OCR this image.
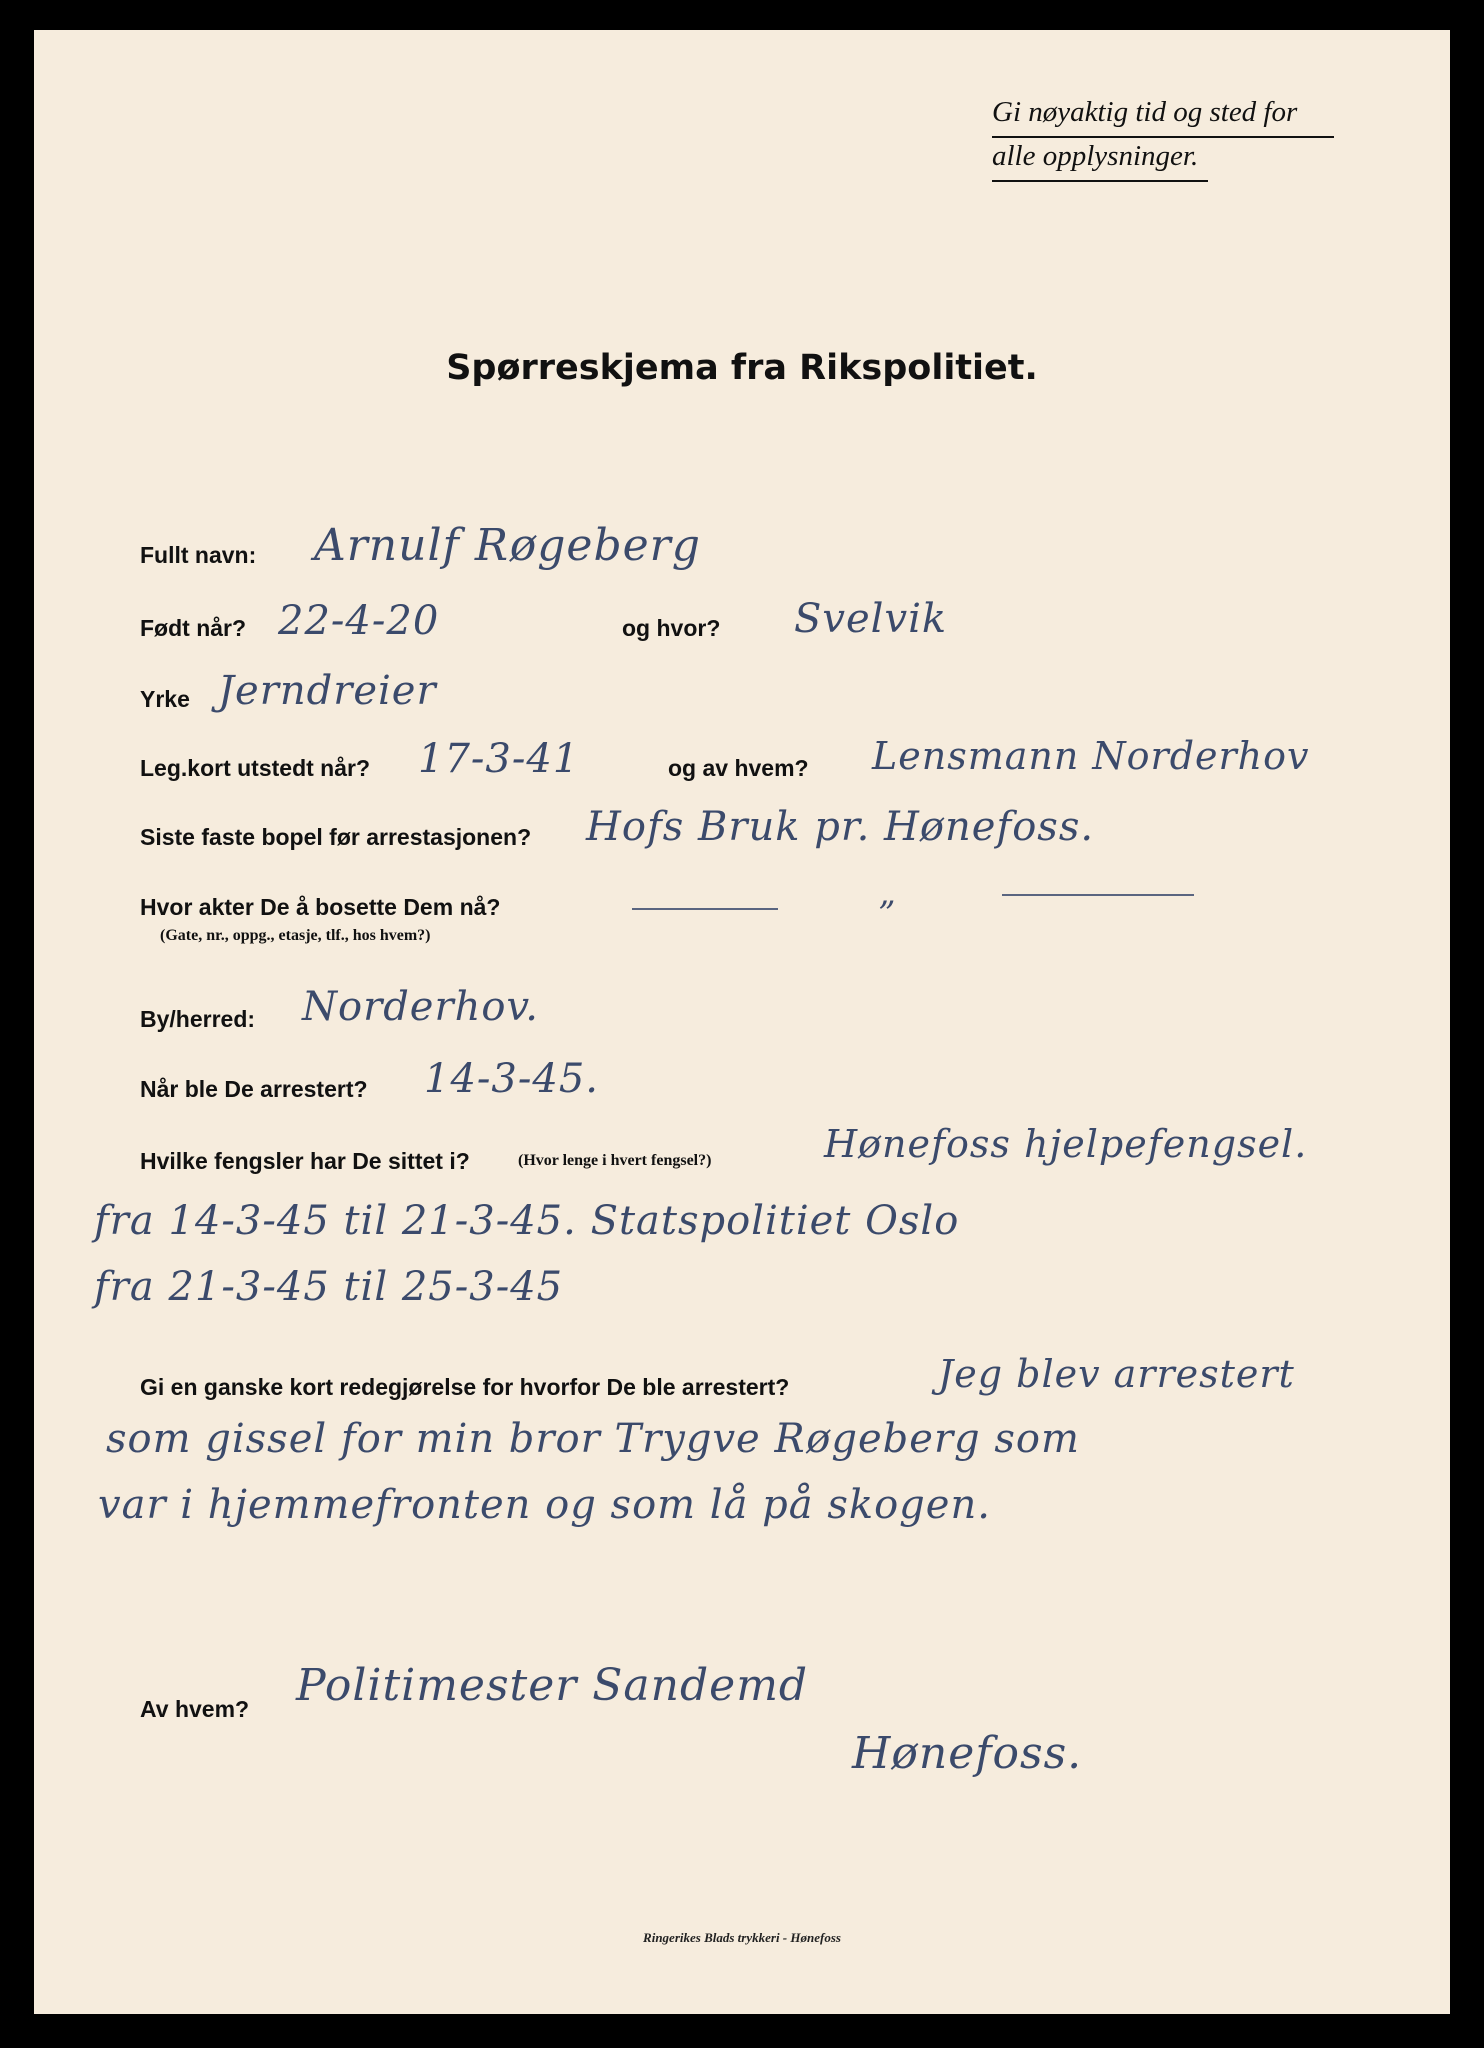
Gi nøyaktig tid og sted for
alle opplysninger.
Spørreskjema fra Rikspolitiet.
Fullt navn: Arnulf Røgeberg
Født når? 22-4-20	og hvor? Svelvik
Yrke Jerndreier
Leg.kort utstedt når? 17-3-41	og av hvem? Lensmann Norderhov
Siste faste bopel før arrestasjonen? Hofs Bruk pr. Hønefoss.
Hvor akter De å bosette Dem nå?
(Gate, nr., oppg., etasje, tlf., hos hvem?)
”
By/herred: Norderhov.
Når ble De arrestert? 14-3-45.
Hvilke fengsler har De sittet i?	(Hvor lenge i hvert fengsel?)	Hønefoss hjelpefengsel.
fra 14-3-45 til 21-3-45. Statspolitiet Oslo
fra 21-3-45 til 25-3-45
Gi en ganske kort redegjørelse for hvorfor De ble arrestert?	Jeg blev arrestert
som gissel for min bror Trygve Røgeberg som
var i hjemmefronten og som lå på skogen.
Av hvem? Politimester Sandemd
Hønefoss.
Ringerikes Blads trykkeri - Hønefoss
